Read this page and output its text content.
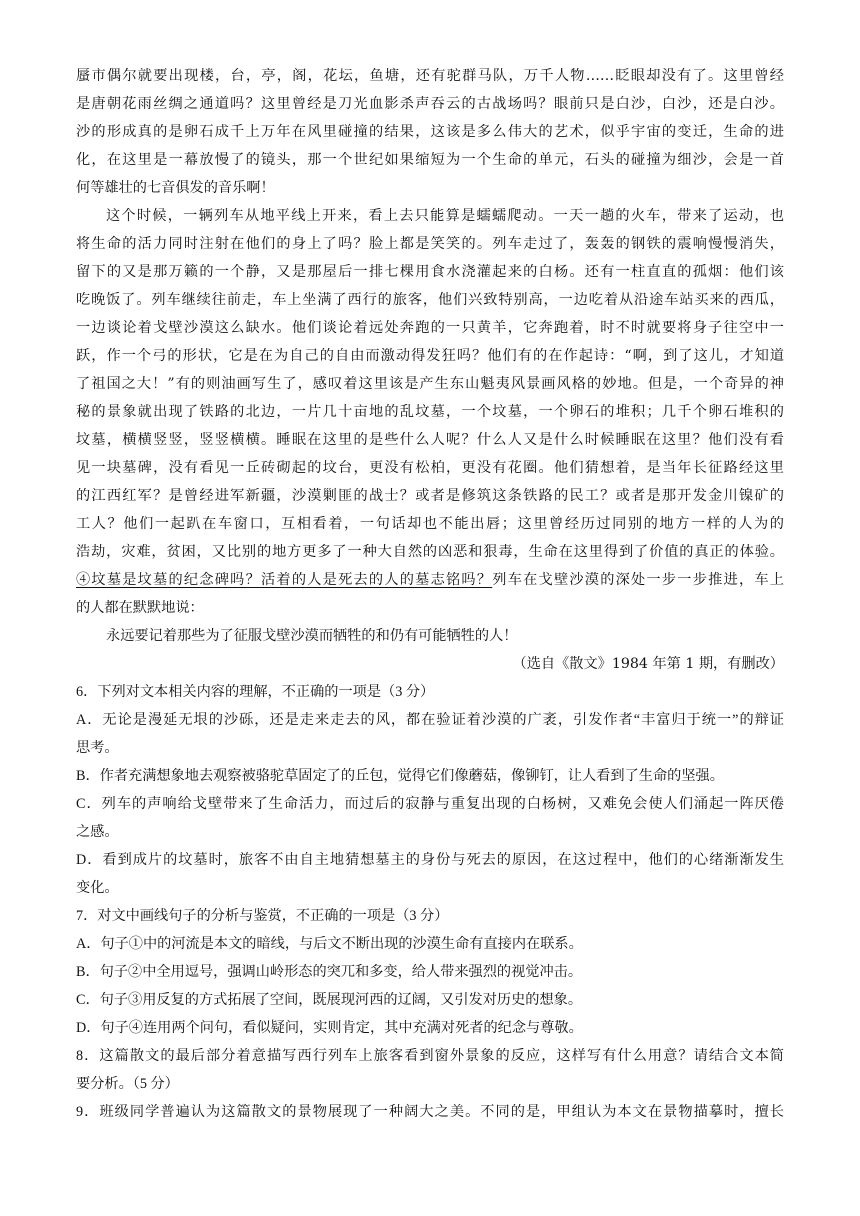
蜃市偶尔就要出现楼，台，亭，阁，花坛，鱼塘，还有驼群马队，万千人物……眨眼却没有了。这里曾经
是唐朝花雨丝绸之通道吗？这里曾经是刀光血影杀声吞云的古战场吗？眼前只是白沙，白沙，还是白沙。
沙的形成真的是卵石成千上万年在风里碰撞的结果，这该是多么伟大的艺术，似乎宇宙的变迁，生命的进
化，在这里是一幕放慢了的镜头，那一个世纪如果缩短为一个生命的单元，石头的碰撞为细沙，会是一首
何等雄壮的七音俱发的音乐啊！
这个时候，一辆列车从地平线上开来，看上去只能算是蠕蠕爬动。一天一趟的火车，带来了运动，也
将生命的活力同时注射在他们的身上了吗？脸上都是笑笑的。列车走过了，轰轰的钢铁的震响慢慢消失，
留下的又是那万籁的一个静，又是那屋后一排七棵用食水浇灌起来的白杨。还有一柱直直的孤烟：他们该
吃晚饭了。列车继续往前走，车上坐满了西行的旅客，他们兴致特别高，一边吃着从沿途车站买来的西瓜，
一边谈论着戈壁沙漠这么缺水。他们谈论着远处奔跑的一只黄羊，它奔跑着，时不时就要将身子往空中一
跃，作一个弓的形状，它是在为自己的自由而激动得发狂吗？他们有的在作起诗：“啊，到了这儿，才知道
了祖国之大！”有的则油画写生了，感叹着这里该是产生东山魁夷风景画风格的妙地。但是，一个奇异的神
秘的景象就出现了铁路的北边，一片几十亩地的乱坟墓，一个坟墓，一个卵石的堆积；几千个卵石堆积的
坟墓，横横竖竖，竖竖横横。睡眠在这里的是些什么人呢？什么人又是什么时候睡眠在这里？他们没有看
见一块墓碑，没有看见一丘砖砌起的坟台，更没有松柏，更没有花圈。他们猜想着，是当年长征路经这里
的江西红军？是曾经进军新疆，沙漠剿匪的战士？或者是修筑这条铁路的民工？或者是那开发金川镍矿的
工人？他们一起趴在车窗口，互相看着，一句话却也不能出唇；这里曾经历过同别的地方一样的人为的
浩劫，灾难，贫困，又比别的地方更多了一种大自然的凶恶和狠毒，生命在这里得到了价值的真正的体验。
④坟墓是坟墓的纪念碑吗？活着的人是死去的人的墓志铭吗？列车在戈壁沙漠的深处一步一步推进，车上
的人都在默默地说：
永远要记着那些为了征服戈壁沙漠而牺牲的和仍有可能牺牲的人！
（选自《散文》1984 年第 1 期，有删改）
6．下列对文本相关内容的理解，不正确的一项是（3 分）
A．无论是漫延无垠的沙砾，还是走来走去的风，都在验证着沙漠的广袤，引发作者“丰富归于统一”的辩证
思考。
B．作者充满想象地去观察被骆驼草固定了的丘包，觉得它们像蘑菇，像铆钉，让人看到了生命的坚强。
C．列车的声响给戈壁带来了生命活力，而过后的寂静与重复出现的白杨树，又难免会使人们涌起一阵厌倦
之感。
D．看到成片的坟墓时，旅客不由自主地猜想墓主的身份与死去的原因，在这过程中，他们的心绪渐渐发生
变化。
7．对文中画线句子的分析与鉴赏，不正确的一项是（3 分）
A．句子①中的河流是本文的暗线，与后文不断出现的沙漠生命有直接内在联系。
B．句子②中全用逗号，强调山岭形态的突兀和多变，给人带来强烈的视觉冲击。
C．句子③用反复的方式拓展了空间，既展现河西的辽阔，又引发对历史的想象。
D．句子④连用两个问句，看似疑问，实则肯定，其中充满对死者的纪念与尊敬。
8．这篇散文的最后部分着意描写西行列车上旅客看到窗外景象的反应，这样写有什么用意？请结合文本简
要分析。（5 分）
9．班级同学普遍认为这篇散文的景物展现了一种阔大之美。不同的是，甲组认为本文在景物描摹时，擅长
